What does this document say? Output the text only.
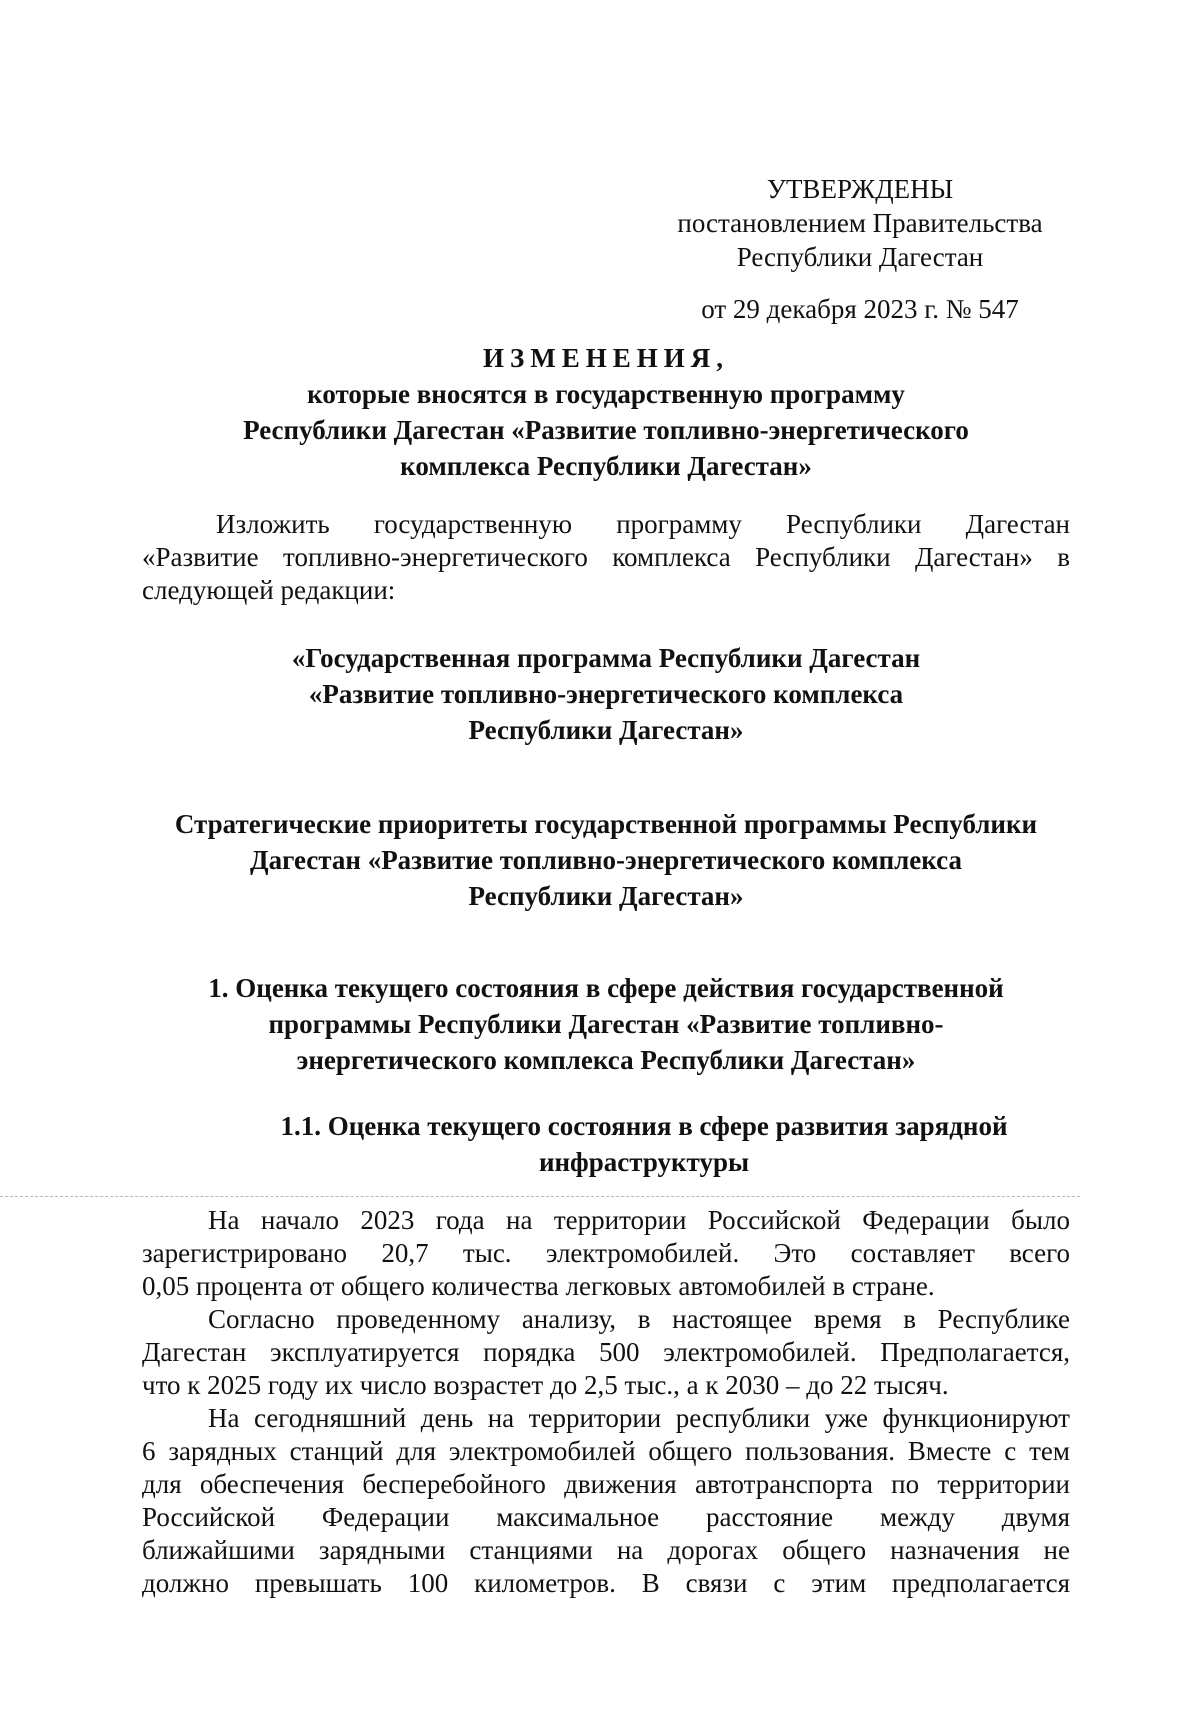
УТВЕРЖДЕНЫ
постановлением Правительства
Республики Дагестан
от 29 декабря 2023 г. № 547
ИЗМЕНЕНИЯ,
которые вносятся в государственную программу
Республики Дагестан «Развитие топливно-энергетического
комплекса Республики Дагестан»
Изложить государственную программу Республики Дагестан
«Развитие топливно-энергетического комплекса Республики Дагестан» в
следующей редакции:
«Государственная программа Республики Дагестан
«Развитие топливно-энергетического комплекса
Республики Дагестан»
Стратегические приоритеты государственной программы Республики
Дагестан «Развитие топливно-энергетического комплекса
Республики Дагестан»
1. Оценка текущего состояния в сфере действия государственной
программы Республики Дагестан «Развитие топливно-
энергетического комплекса Республики Дагестан»
1.1. Оценка текущего состояния в сфере развития зарядной
инфраструктуры
На начало 2023 года на территории Российской Федерации было
зарегистрировано 20,7 тыс. электромобилей. Это составляет всего
0,05 процента от общего количества легковых автомобилей в стране.
Согласно проведенному анализу, в настоящее время в Республике
Дагестан эксплуатируется порядка 500 электромобилей. Предполагается,
что к 2025 году их число возрастет до 2,5 тыс., а к 2030 – до 22 тысяч.
На сегодняшний день на территории республики уже функционируют
6 зарядных станций для электромобилей общего пользования. Вместе с тем
для обеспечения бесперебойного движения автотранспорта по территории
Российской Федерации максимальное расстояние между двумя
ближайшими зарядными станциями на дорогах общего назначения не
должно превышать 100 километров. В связи с этим предполагается
